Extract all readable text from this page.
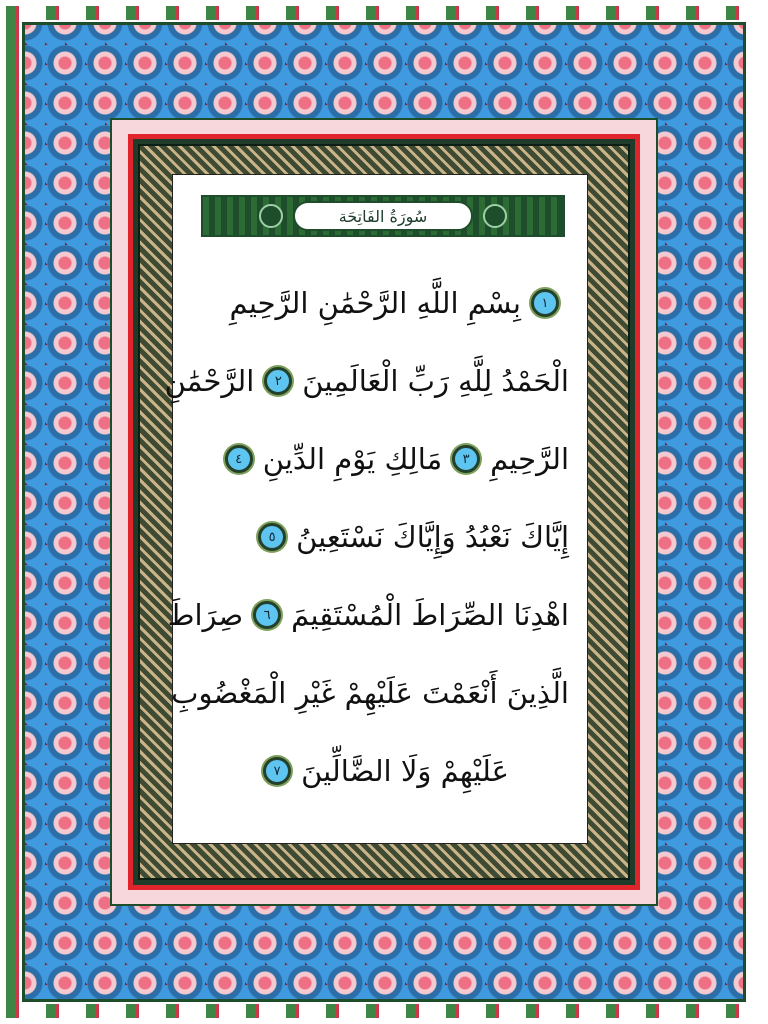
سُورَةُ الفَاتِحَة
١
بِسْمِ اللَّهِ الرَّحْمَٰنِ الرَّحِيمِ
الْحَمْدُ لِلَّهِ رَبِّ الْعَالَمِينَ
٢
الرَّحْمَٰنِ
الرَّحِيمِ
٣
مَالِكِ يَوْمِ الدِّينِ
٤
إِيَّاكَ نَعْبُدُ وَإِيَّاكَ نَسْتَعِينُ
٥
اهْدِنَا الصِّرَاطَ الْمُسْتَقِيمَ
٦
صِرَاطَ
الَّذِينَ أَنْعَمْتَ عَلَيْهِمْ غَيْرِ الْمَغْضُوبِ
عَلَيْهِمْ وَلَا الضَّالِّينَ
٧
